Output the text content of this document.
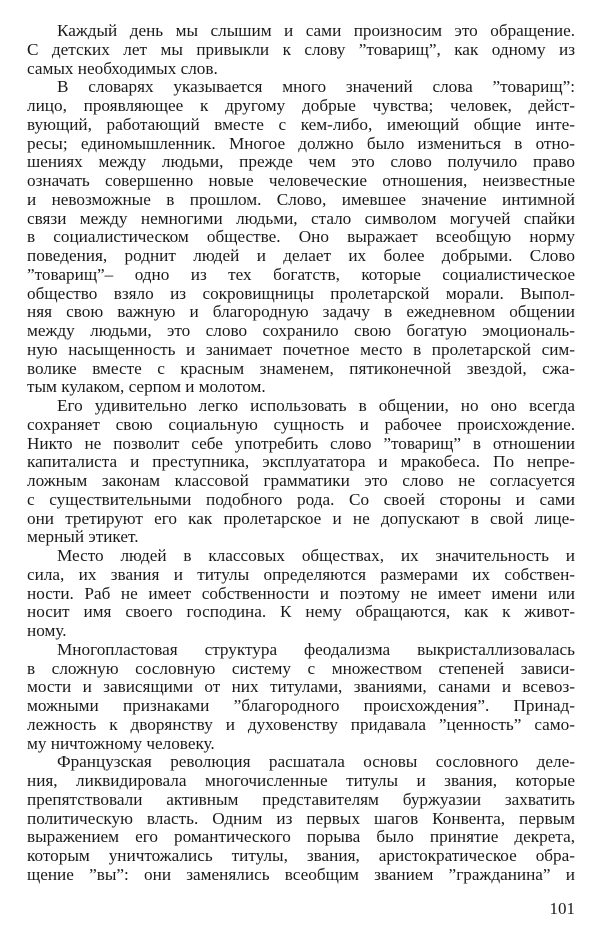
Каждый день мы слышим и сами произносим это обращение.
С детских лет мы привыкли к слову ”товарищ”, как одному из
самых необходимых слов.

В словарях указывается много значений слова ”товарищ”:
лицо, проявляющее к другому добрые чувства; человек, дейст-
вующий, работающий вместе с кем-либо, имеющий общие инте-
ресы; единомышленник. Многое должно было измениться в отно-
шениях между людьми, прежде чем это слово получило право
означать совершенно новые человеческие отношения, неизвестные
и невозможные в прошлом. Слово, имевшее значение интимной
связи между немногими людьми, стало символом могучей спайки
в социалистическом обществе. Оно выражает всеобщую норму
поведения, роднит людей и делает их более добрыми. Слово
”товарищ”– одно из тех богатств, которые социалистическое
общество взяло из сокровищницы пролетарской морали. Выпол-
няя свою важную и благородную задачу в ежедневном общении
между людьми, это слово сохранило свою богатую эмоциональ-
ную насыщенность и занимает почетное место в пролетарской сим-
волике вместе с красным знаменем, пятиконечной звездой, сжа-
тым кулаком, серпом и молотом.

Его удивительно легко использовать в общении, но оно всегда
сохраняет свою социальную сущность и рабочее происхождение.
Никто не позволит себе употребить слово ”товарищ” в отношении
капиталиста и преступника, эксплуататора и мракобеса. По непре-
ложным законам классовой грамматики это слово не согласуется
с существительными подобного рода. Со своей стороны и сами
они третируют его как пролетарское и не допускают в свой лице-
мерный этикет.

Место людей в классовых обществах, их значительность и
сила, их звания и титулы определяются размерами их собствен-
ности. Раб не имеет собственности и поэтому не имеет имени или
носит имя своего господина. К нему обращаются, как к живот-
ному.

Многопластовая структура феодализма выкристаллизовалась
в сложную сословную систему с множеством степеней зависи-
мости и зависящими от них титулами, званиями, санами и всевоз-
можными признаками ”благородного происхождения”. Принад-
лежность к дворянству и духовенству придавала ”ценность” само-
му ничтожному человеку.

Французская революция расшатала основы сословного деле-
ния, ликвидировала многочисленные титулы и звания, которые
препятствовали активным представителям буржуазии захватить
политическую власть. Одним из первых шагов Конвента, первым
выражением его романтического порыва было принятие декрета,
которым уничтожались титулы, звания, аристократическое обра-
щение ”вы”: они заменялись всеобщим званием ”гражданина” и

101
